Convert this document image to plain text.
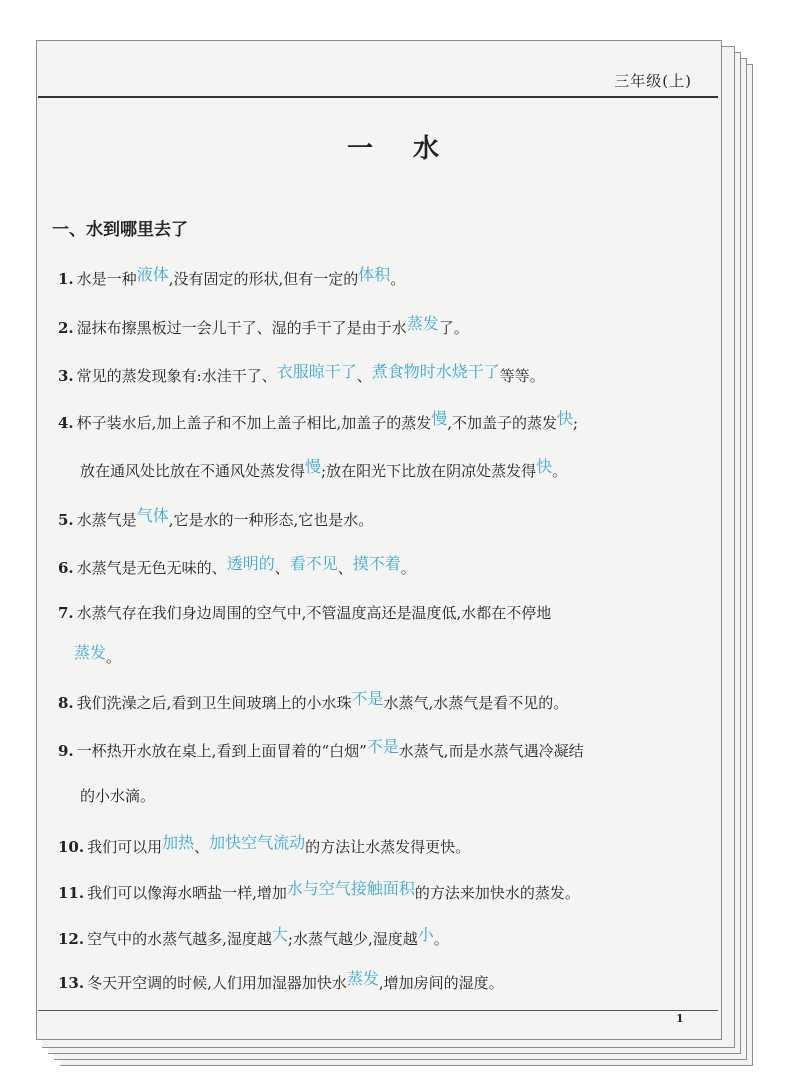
三年级(上)
一 水
一、水到哪里去了
1. 水是一种液体,没有固定的形状,但有一定的体积。
2. 湿抹布擦黑板过一会儿干了、湿的手干了是由于水蒸发了。
3. 常见的蒸发现象有:水洼干了、衣服晾干了、煮食物时水烧干了等等。
4. 杯子装水后,加上盖子和不加上盖子相比,加盖子的蒸发慢,不加盖子的蒸发快;
放在通风处比放在不通风处蒸发得慢;放在阳光下比放在阴凉处蒸发得快。
5. 水蒸气是气体,它是水的一种形态,它也是水。
6. 水蒸气是无色无味的、透明的、看不见、摸不着。
7. 水蒸气存在我们身边周围的空气中,不管温度高还是温度低,水都在不停地
蒸发。
8. 我们洗澡之后,看到卫生间玻璃上的小水珠不是水蒸气,水蒸气是看不见的。
9. 一杯热开水放在桌上,看到上面冒着的“白烟”不是水蒸气,而是水蒸气遇冷凝结
的小水滴。
10. 我们可以用加热、加快空气流动的方法让水蒸发得更快。
11. 我们可以像海水晒盐一样,增加水与空气接触面积的方法来加快水的蒸发。
12. 空气中的水蒸气越多,湿度越大;水蒸气越少,湿度越小。
13. 冬天开空调的时候,人们用加湿器加快水蒸发,增加房间的湿度。
1
